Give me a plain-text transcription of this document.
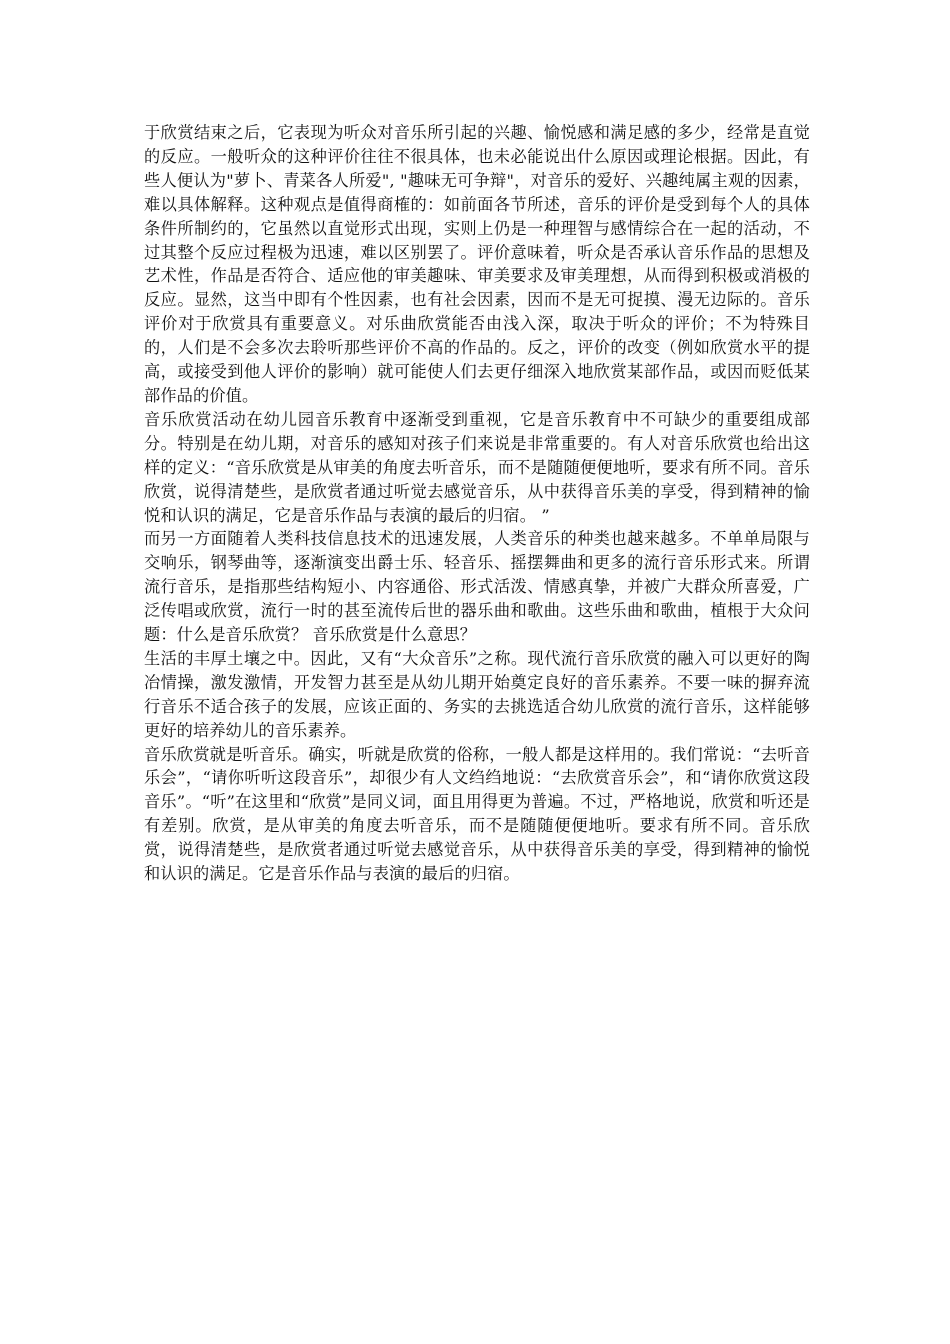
于欣赏结束之后，它表现为听众对音乐所引起的兴趣、愉悦感和满足感的多少，经常是直觉的反应。一般听众的这种评价往往不很具体，也未必能说出什么原因或理论根据。因此，有些人便认为"萝卜、青菜各人所爱", "趣味无可争辩"，对音乐的爱好、兴趣纯属主观的因素，难以具体解释。这种观点是值得商榷的：如前面各节所述，音乐的评价是受到每个人的具体条件所制约的，它虽然以直觉形式出现，实则上仍是一种理智与感情综合在一起的活动，不过其整个反应过程极为迅速，难以区别罢了。评价意味着，听众是否承认音乐作品的思想及艺术性，作品是否符合、适应他的审美趣味、审美要求及审美理想，从而得到积极或消极的反应。显然，这当中即有个性因素，也有社会因素，因而不是无可捉摸、漫无边际的。音乐评价对于欣赏具有重要意义。对乐曲欣赏能否由浅入深，取决于听众的评价；不为特殊目的，人们是不会多次去聆听那些评价不高的作品的。反之，评价的改变（例如欣赏水平的提高，或接受到他人评价的影响）就可能使人们去更仔细深入地欣赏某部作品，或因而贬低某部作品的价值。

音乐欣赏活动在幼儿园音乐教育中逐渐受到重视，它是音乐教育中不可缺少的重要组成部分。特别是在幼儿期，对音乐的感知对孩子们来说是非常重要的。有人对音乐欣赏也给出这样的定义：“音乐欣赏是从审美的角度去听音乐，而不是随随便便地听，要求有所不同。音乐欣赏，说得清楚些，是欣赏者通过听觉去感觉音乐，从中获得音乐美的享受，得到精神的愉悦和认识的满足，它是音乐作品与表演的最后的归宿。 ”

而另一方面随着人类科技信息技术的迅速发展，人类音乐的种类也越来越多。不单单局限与交响乐，钢琴曲等，逐渐演变出爵士乐、轻音乐、摇摆舞曲和更多的流行音乐形式来。所谓流行音乐，是指那些结构短小、内容通俗、形式活泼、情感真挚，并被广大群众所喜爱，广泛传唱或欣赏，流行一时的甚至流传后世的器乐曲和歌曲。这些乐曲和歌曲，植根于大众问题：什么是音乐欣赏？ 音乐欣赏是什么意思？

生活的丰厚土壤之中。因此，又有“大众音乐”之称。现代流行音乐欣赏的融入可以更好的陶冶情操，激发激情，开发智力甚至是从幼儿期开始奠定良好的音乐素养。不要一味的摒弃流行音乐不适合孩子的发展，应该正面的、务实的去挑选适合幼儿欣赏的流行音乐，这样能够更好的培养幼儿的音乐素养。

音乐欣赏就是听音乐。确实，听就是欣赏的俗称，一般人都是这样用的。我们常说：“去听音乐会”，“请你听听这段音乐”，却很少有人文绉绉地说：“去欣赏音乐会”，和“请你欣赏这段音乐”。“听”在这里和“欣赏”是同义词，面且用得更为普遍。不过，严格地说，欣赏和听还是有差别。欣赏，是从审美的角度去听音乐，而不是随随便便地听。要求有所不同。音乐欣赏，说得清楚些，是欣赏者通过听觉去感觉音乐，从中获得音乐美的享受，得到精神的愉悦和认识的满足。它是音乐作品与表演的最后的归宿。
